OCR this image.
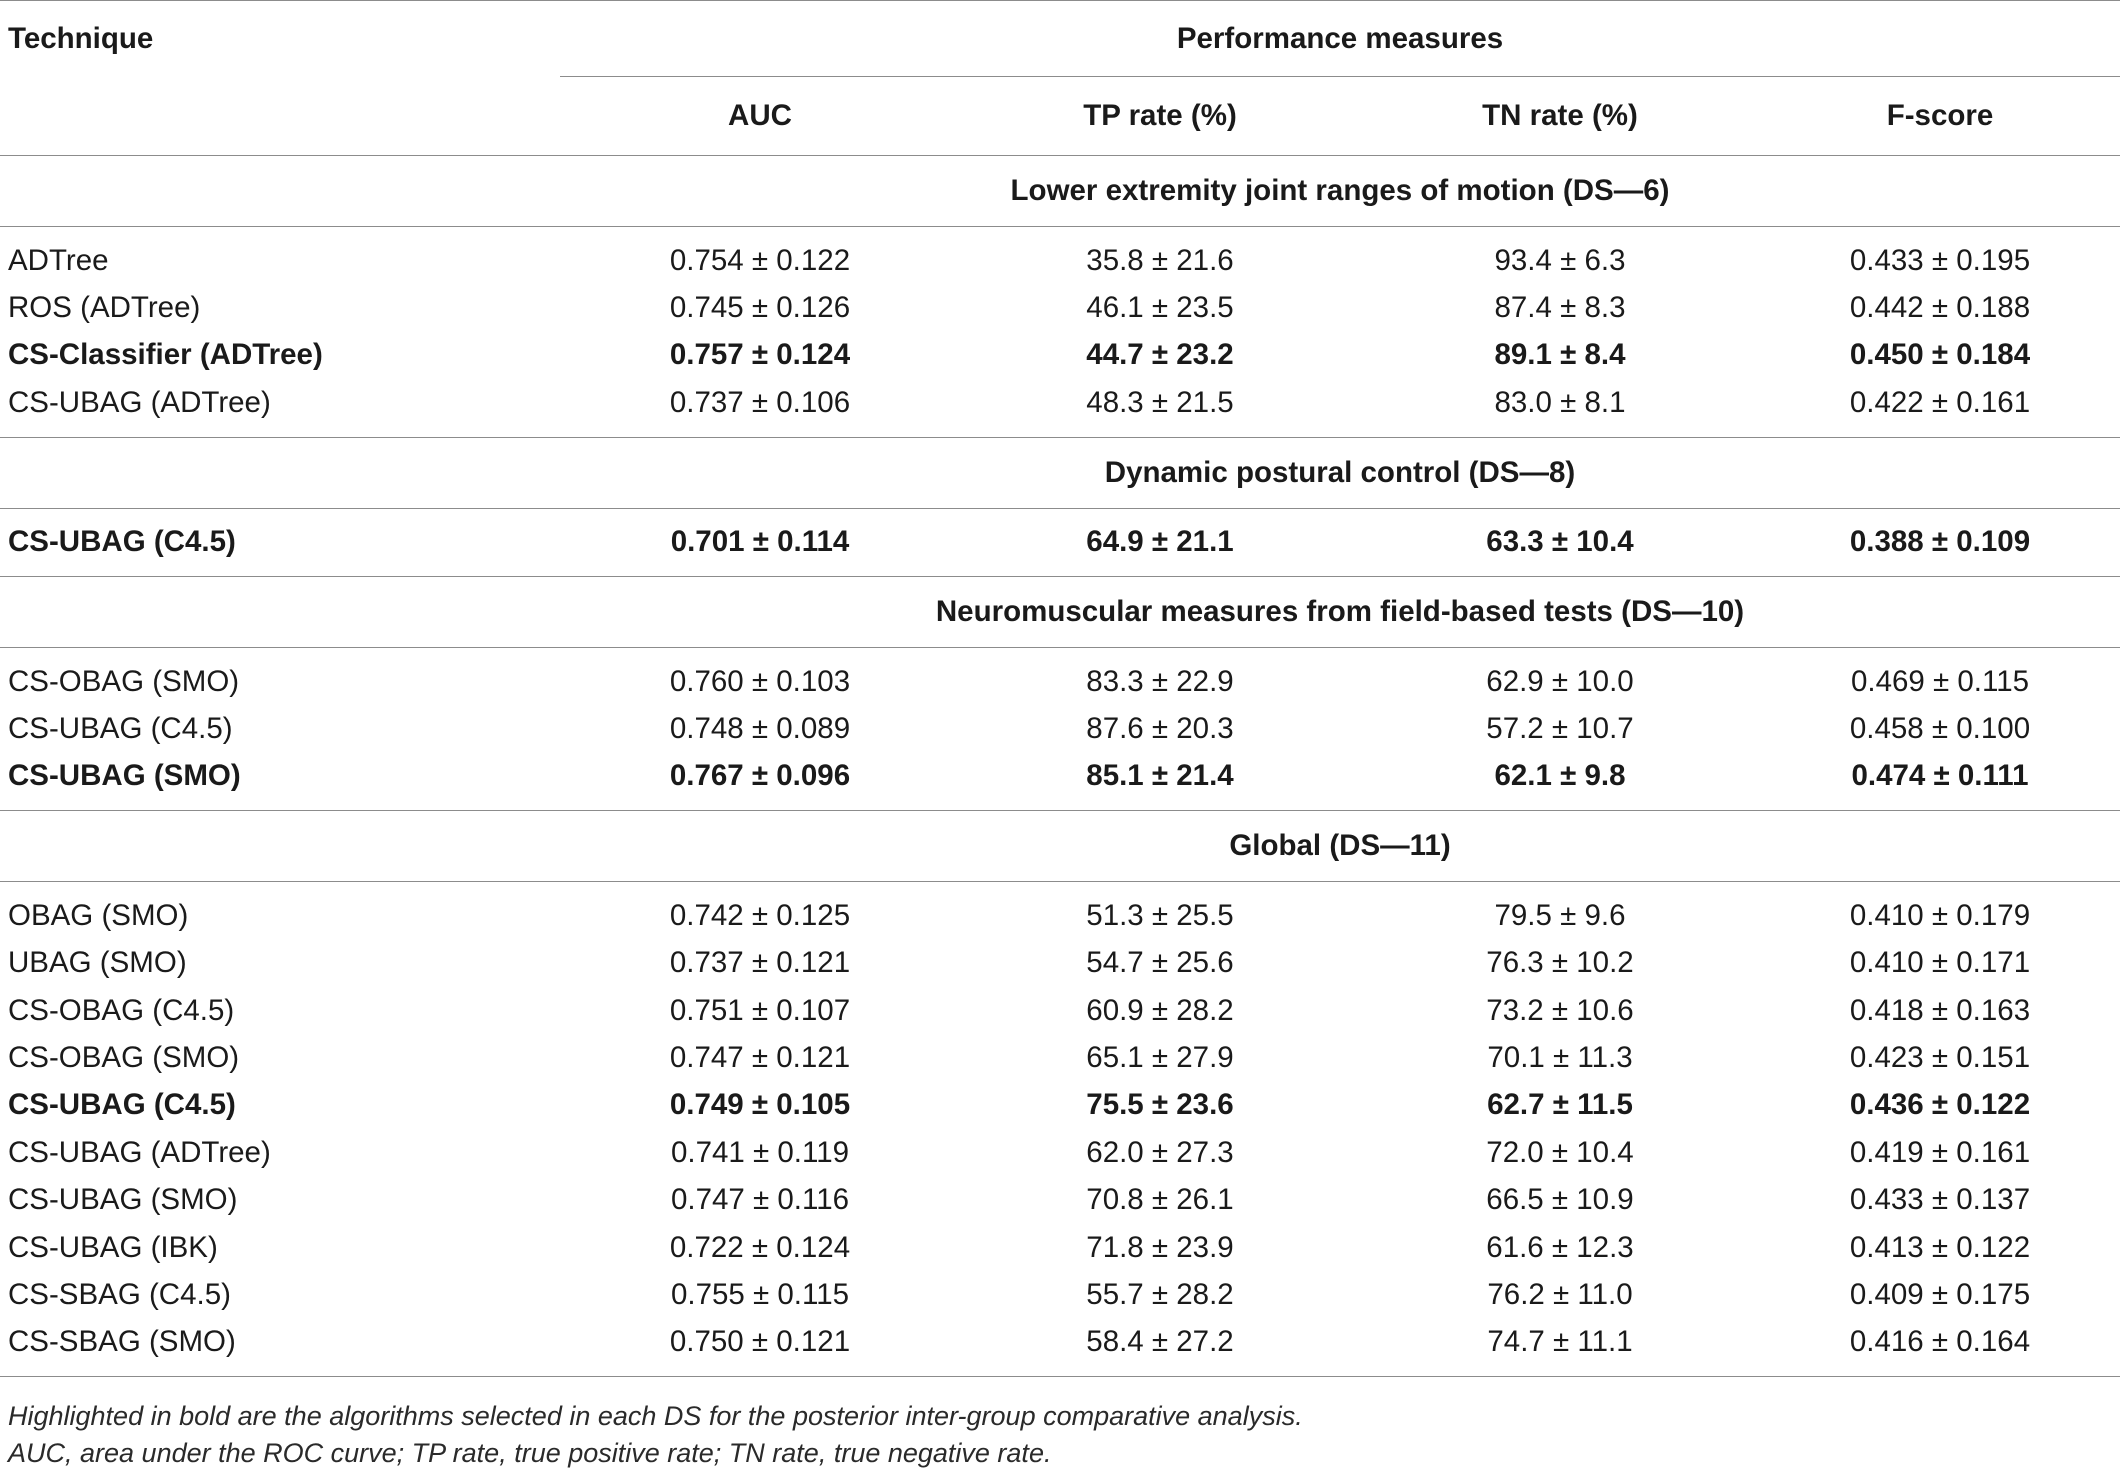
Technique	Performance measures			
	AUC	TP rate (%)	TN rate (%)	F-score
	Lower extremity joint ranges of motion (DS—6)			
ADTree	0.754 ± 0.122	35.8 ± 21.6	93.4 ± 6.3	0.433 ± 0.195
ROS (ADTree)	0.745 ± 0.126	46.1 ± 23.5	87.4 ± 8.3	0.442 ± 0.188
CS-Classifier (ADTree)	0.757 ± 0.124	44.7 ± 23.2	89.1 ± 8.4	0.450 ± 0.184
CS-UBAG (ADTree)	0.737 ± 0.106	48.3 ± 21.5	83.0 ± 8.1	0.422 ± 0.161
	Dynamic postural control (DS—8)			
CS-UBAG (C4.5)	0.701 ± 0.114	64.9 ± 21.1	63.3 ± 10.4	0.388 ± 0.109
	Neuromuscular measures from field-based tests (DS—10)			
CS-OBAG (SMO)	0.760 ± 0.103	83.3 ± 22.9	62.9 ± 10.0	0.469 ± 0.115
CS-UBAG (C4.5)	0.748 ± 0.089	87.6 ± 20.3	57.2 ± 10.7	0.458 ± 0.100
CS-UBAG (SMO)	0.767 ± 0.096	85.1 ± 21.4	62.1 ± 9.8	0.474 ± 0.111
	Global (DS—11)			
OBAG (SMO)	0.742 ± 0.125	51.3 ± 25.5	79.5 ± 9.6	0.410 ± 0.179
UBAG (SMO)	0.737 ± 0.121	54.7 ± 25.6	76.3 ± 10.2	0.410 ± 0.171
CS-OBAG (C4.5)	0.751 ± 0.107	60.9 ± 28.2	73.2 ± 10.6	0.418 ± 0.163
CS-OBAG (SMO)	0.747 ± 0.121	65.1 ± 27.9	70.1 ± 11.3	0.423 ± 0.151
CS-UBAG (C4.5)	0.749 ± 0.105	75.5 ± 23.6	62.7 ± 11.5	0.436 ± 0.122
CS-UBAG (ADTree)	0.741 ± 0.119	62.0 ± 27.3	72.0 ± 10.4	0.419 ± 0.161
CS-UBAG (SMO)	0.747 ± 0.116	70.8 ± 26.1	66.5 ± 10.9	0.433 ± 0.137
CS-UBAG (IBK)	0.722 ± 0.124	71.8 ± 23.9	61.6 ± 12.3	0.413 ± 0.122
CS-SBAG (C4.5)	0.755 ± 0.115	55.7 ± 28.2	76.2 ± 11.0	0.409 ± 0.175
CS-SBAG (SMO)	0.750 ± 0.121	58.4 ± 27.2	74.7 ± 11.1	0.416 ± 0.164
Highlighted in bold are the algorithms selected in each DS for the posterior inter-group comparative analysis.
AUC, area under the ROC curve; TP rate, true positive rate; TN rate, true negative rate.
